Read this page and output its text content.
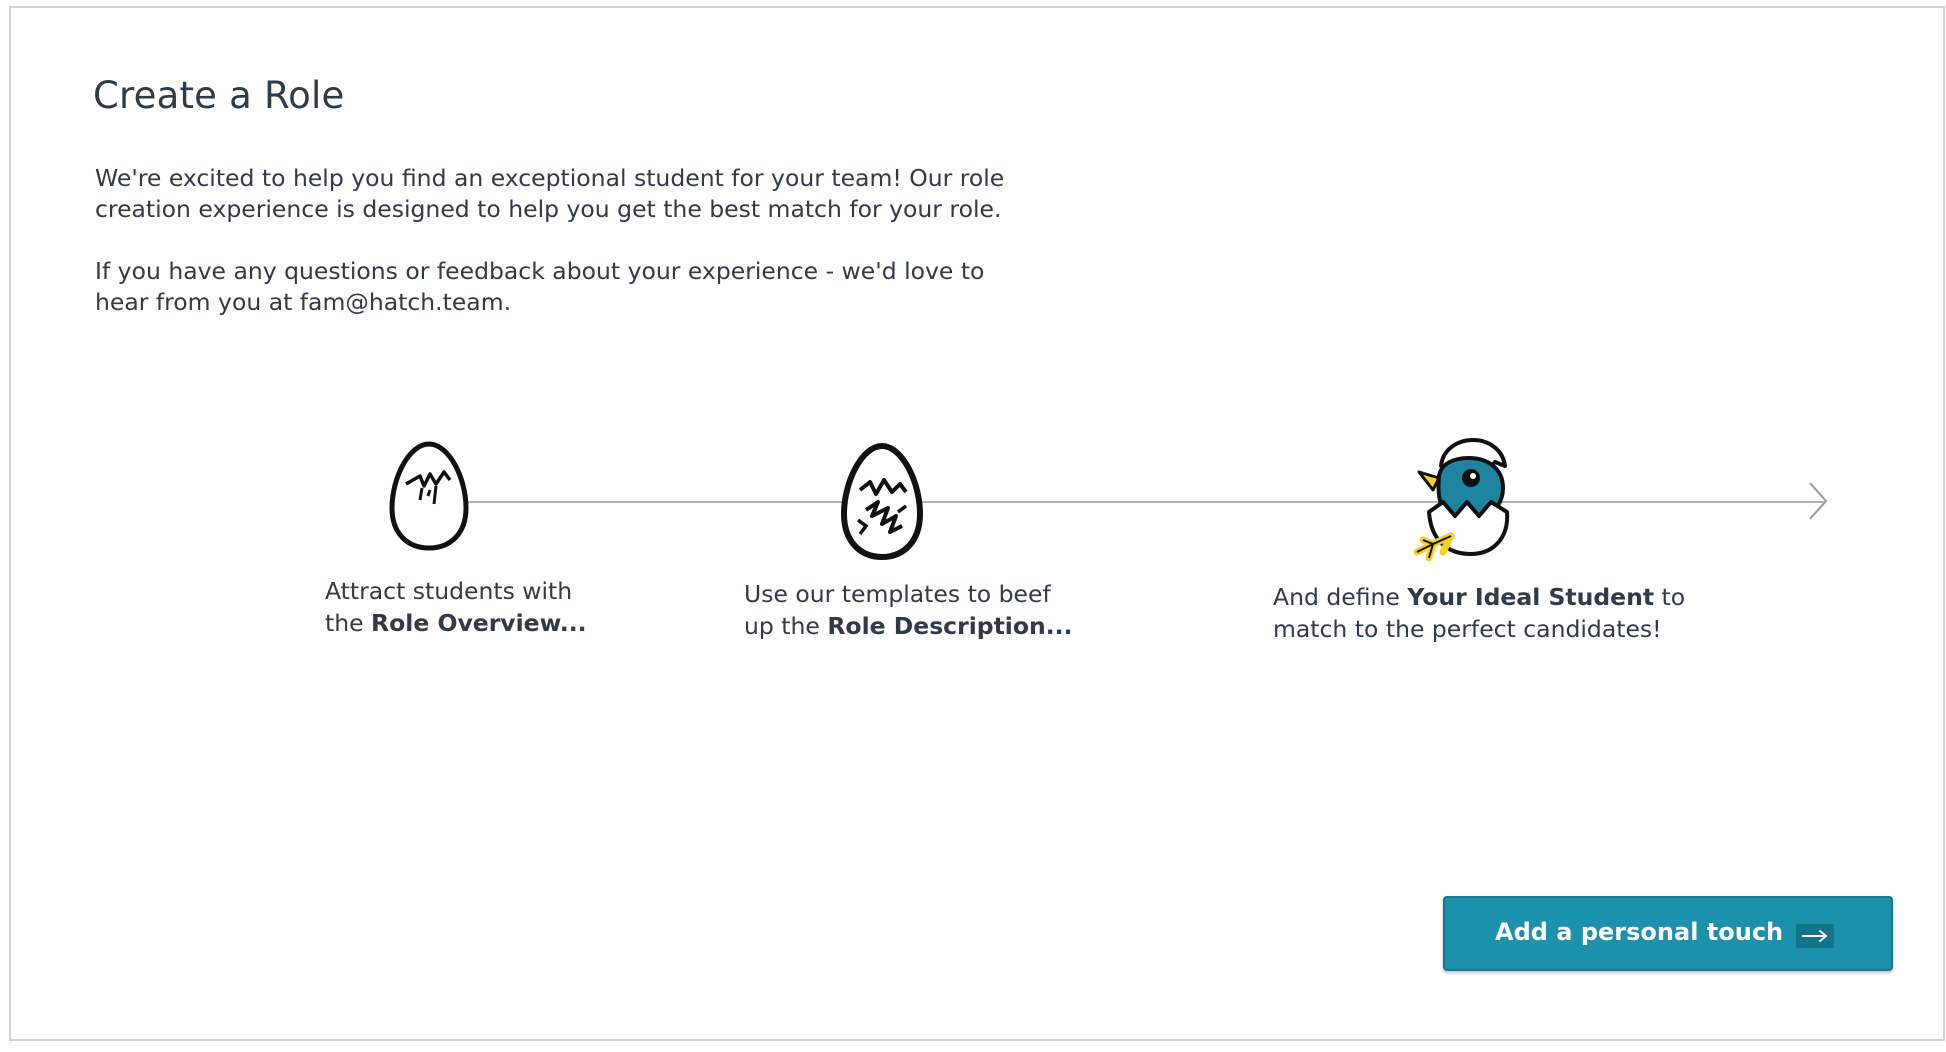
Create a Role

We're excited to help you find an exceptional student for your team! Our role
creation experience is designed to help you get the best match for your role.

If you have any questions or feedback about your experience - we'd love to
hear from you at fam@hatch.team.

Attract students with
the Role Overview...
Use our templates to beef
up the Role Description...
And define Your Ideal Student to
match to the perfect candidates!
Add a personal touch
